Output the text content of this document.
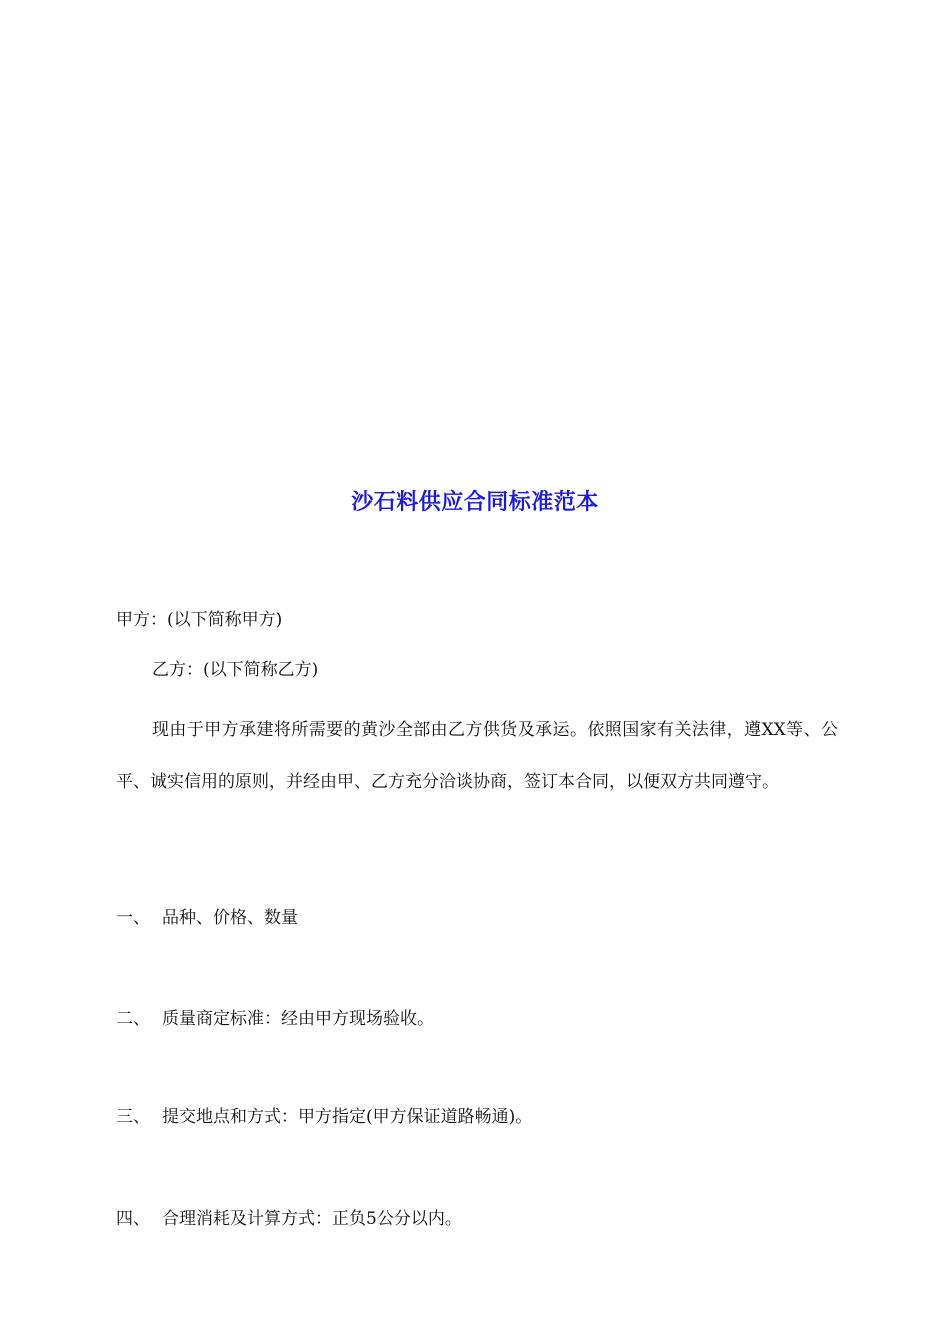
沙石料供应合同标准范本
甲方：(以下简称甲方)
乙方：(以下简称乙方)
现由于甲方承建将所需要的黄沙全部由乙方供货及承运。依照国家有关法律，遵XX等、公平、诚实信用的原则，并经由甲、乙方充分洽谈协商，签订本合同，以便双方共同遵守。
一、 品种、价格、数量
二、 质量商定标准：经由甲方现场验收。
三、 提交地点和方式：甲方指定(甲方保证道路畅通)。
四、 合理消耗及计算方式：正负5公分以内。
